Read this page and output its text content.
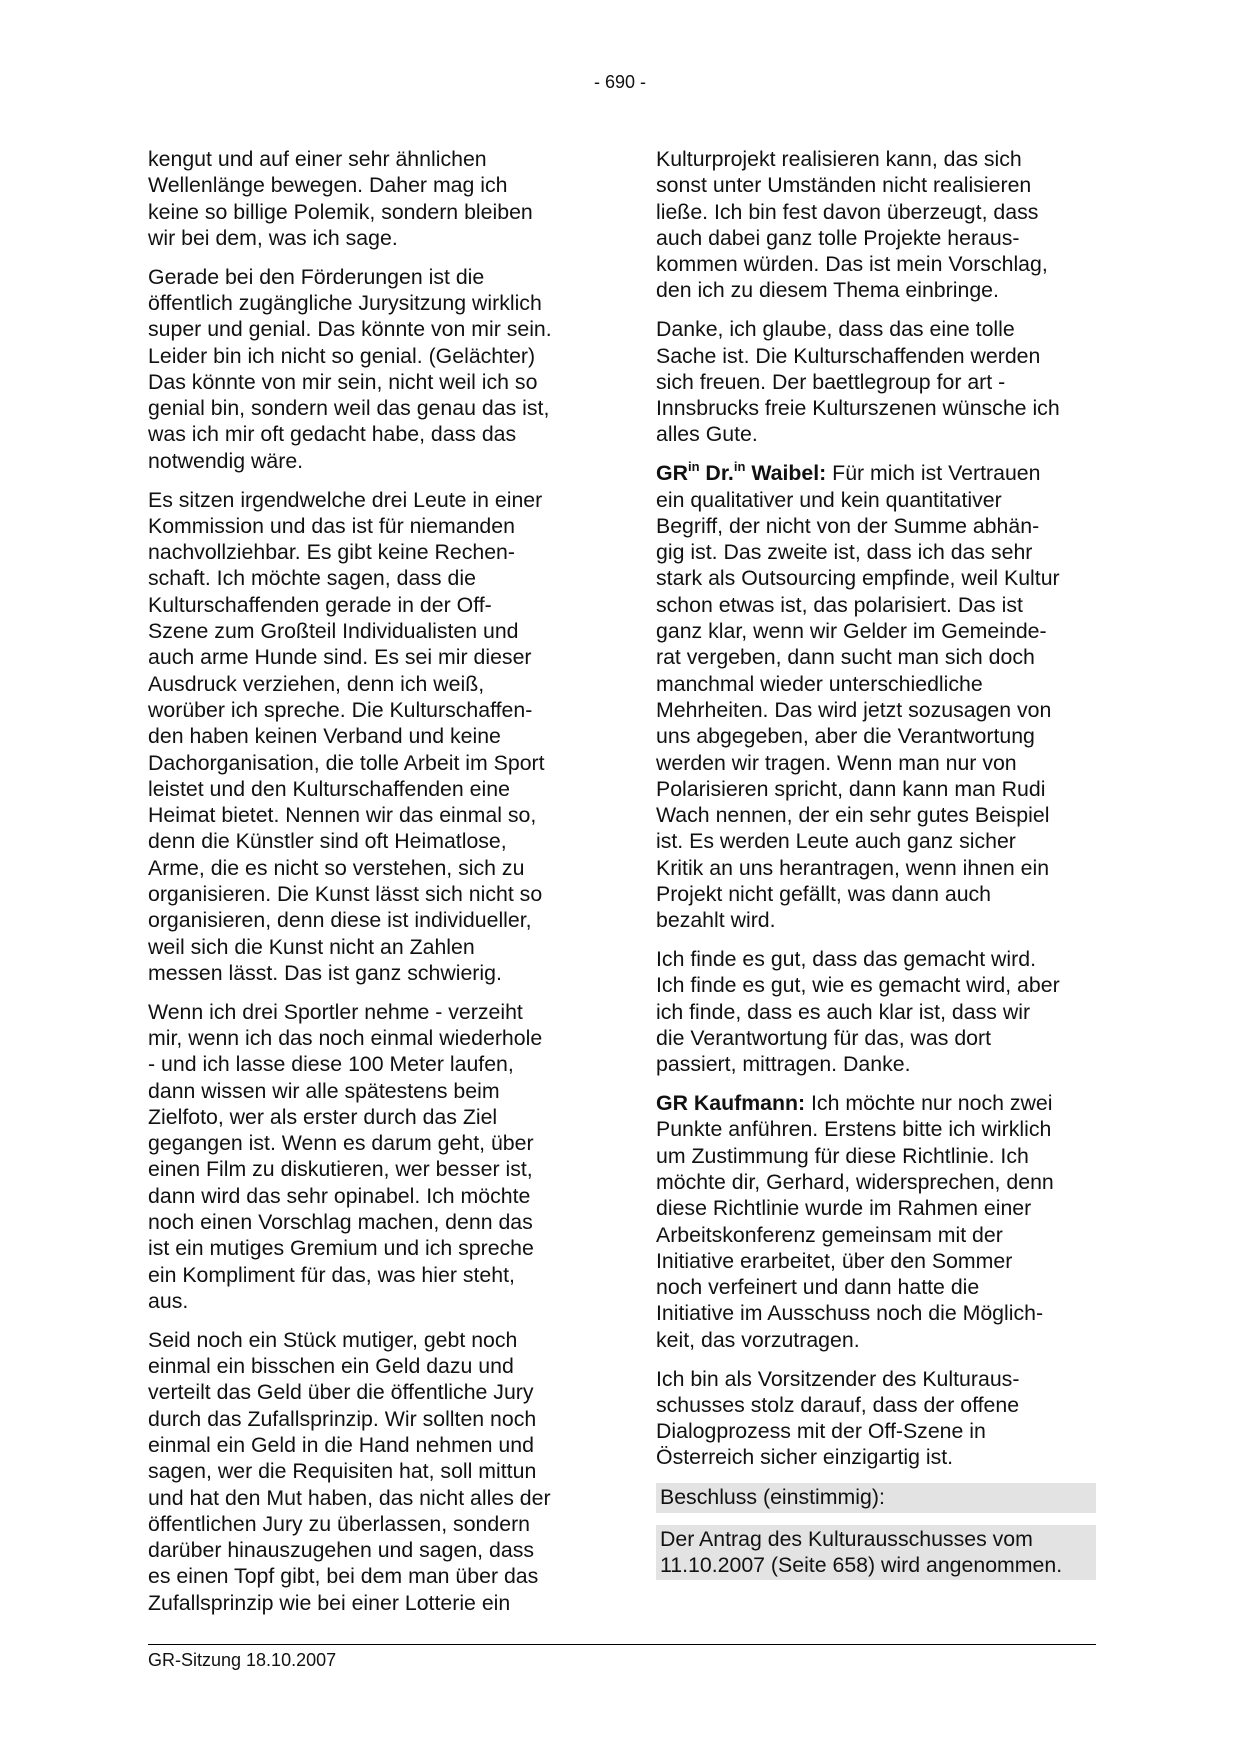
- 690 -

kengut und auf einer sehr ähnlichen
Wellenlänge bewegen. Daher mag ich
keine so billige Polemik, sondern bleiben
wir bei dem, was ich sage.

Gerade bei den Förderungen ist die
öffentlich zugängliche Jurysitzung wirklich
super und genial. Das könnte von mir sein.
Leider bin ich nicht so genial. (Gelächter)
Das könnte von mir sein, nicht weil ich so
genial bin, sondern weil das genau das ist,
was ich mir oft gedacht habe, dass das
notwendig wäre.

Es sitzen irgendwelche drei Leute in einer
Kommission und das ist für niemanden
nachvollziehbar. Es gibt keine Rechen-
schaft. Ich möchte sagen, dass die
Kulturschaffenden gerade in der Off-
Szene zum Großteil Individualisten und
auch arme Hunde sind. Es sei mir dieser
Ausdruck verziehen, denn ich weiß,
worüber ich spreche. Die Kulturschaffen-
den haben keinen Verband und keine
Dachorganisation, die tolle Arbeit im Sport
leistet und den Kulturschaffenden eine
Heimat bietet. Nennen wir das einmal so,
denn die Künstler sind oft Heimatlose,
Arme, die es nicht so verstehen, sich zu
organisieren. Die Kunst lässt sich nicht so
organisieren, denn diese ist individueller,
weil sich die Kunst nicht an Zahlen
messen lässt. Das ist ganz schwierig.

Wenn ich drei Sportler nehme - verzeiht
mir, wenn ich das noch einmal wiederhole
- und ich lasse diese 100 Meter laufen,
dann wissen wir alle spätestens beim
Zielfoto, wer als erster durch das Ziel
gegangen ist. Wenn es darum geht, über
einen Film zu diskutieren, wer besser ist,
dann wird das sehr opinabel. Ich möchte
noch einen Vorschlag machen, denn das
ist ein mutiges Gremium und ich spreche
ein Kompliment für das, was hier steht,
aus.

Seid noch ein Stück mutiger, gebt noch
einmal ein bisschen ein Geld dazu und
verteilt das Geld über die öffentliche Jury
durch das Zufallsprinzip. Wir sollten noch
einmal ein Geld in die Hand nehmen und
sagen, wer die Requisiten hat, soll mittun
und hat den Mut haben, das nicht alles der
öffentlichen Jury zu überlassen, sondern
darüber hinauszugehen und sagen, dass
es einen Topf gibt, bei dem man über das
Zufallsprinzip wie bei einer Lotterie ein

Kulturprojekt realisieren kann, das sich
sonst unter Umständen nicht realisieren
ließe. Ich bin fest davon überzeugt, dass
auch dabei ganz tolle Projekte heraus-
kommen würden. Das ist mein Vorschlag,
den ich zu diesem Thema einbringe.

Danke, ich glaube, dass das eine tolle
Sache ist. Die Kulturschaffenden werden
sich freuen. Der baettlegroup for art -
Innsbrucks freie Kulturszenen wünsche ich
alles Gute.

$GR^{in}$ Dr.$^{in}$ Waibel: Für mich ist Vertrauen
ein qualitativer und kein quantitativer
Begriff, der nicht von der Summe abhän-
gig ist. Das zweite ist, dass ich das sehr
stark als Outsourcing empfinde, weil Kultur
schon etwas ist, das polarisiert. Das ist
ganz klar, wenn wir Gelder im Gemeinde-
rat vergeben, dann sucht man sich doch
manchmal wieder unterschiedliche
Mehrheiten. Das wird jetzt sozusagen von
uns abgegeben, aber die Verantwortung
werden wir tragen. Wenn man nur von
Polarisieren spricht, dann kann man Rudi
Wach nennen, der ein sehr gutes Beispiel
ist. Es werden Leute auch ganz sicher
Kritik an uns herantragen, wenn ihnen ein
Projekt nicht gefällt, was dann auch
bezahlt wird.

Ich finde es gut, dass das gemacht wird.
Ich finde es gut, wie es gemacht wird, aber
ich finde, dass es auch klar ist, dass wir
die Verantwortung für das, was dort
passiert, mittragen. Danke.

GR Kaufmann: Ich möchte nur noch zwei
Punkte anführen. Erstens bitte ich wirklich
um Zustimmung für diese Richtlinie. Ich
möchte dir, Gerhard, widersprechen, denn
diese Richtlinie wurde im Rahmen einer
Arbeitskonferenz gemeinsam mit der
Initiative erarbeitet, über den Sommer
noch verfeinert und dann hatte die
Initiative im Ausschuss noch die Möglich-
keit, das vorzutragen.

Ich bin als Vorsitzender des Kulturaus-
schusses stolz darauf, dass der offene
Dialogprozess mit der Off-Szene in
Österreich sicher einzigartig ist.

Beschluss (einstimmig):

Der Antrag des Kulturausschusses vom
11.10.2007 (Seite 658) wird angenommen.

GR-Sitzung 18.10.2007
